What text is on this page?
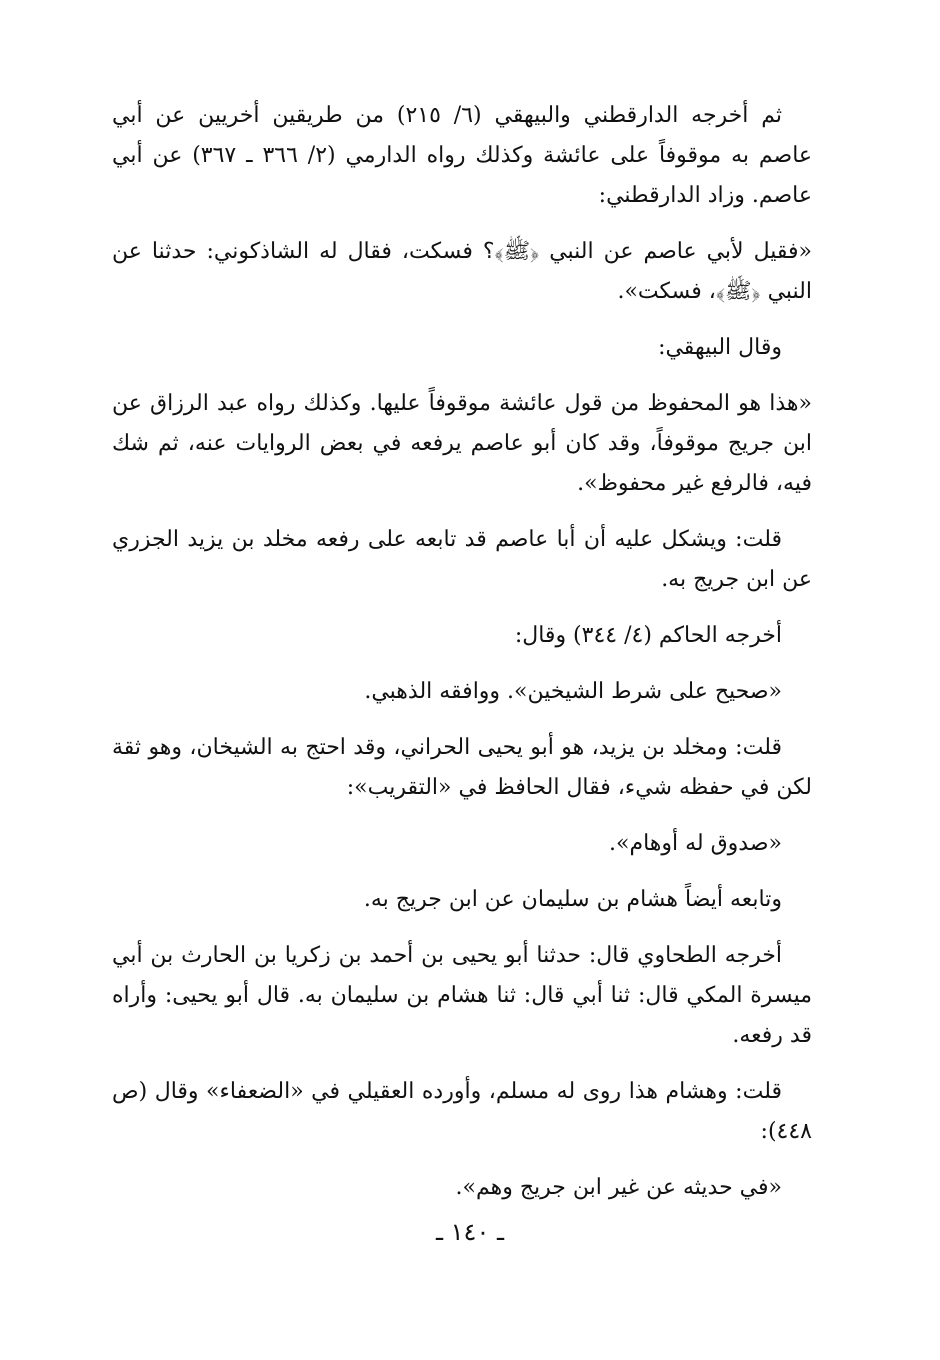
ثم أخرجه الدارقطني والبيهقي (٦/ ٢١٥) من طريقين أخريين عن أبي عاصم به موقوفاً على عائشة وكذلك رواه الدارمي (٢/ ٣٦٦ ـ ٣٦٧) عن أبي عاصم. وزاد الدارقطني:

«فقيل لأبي عاصم عن النبي ﴿ﷺ﴾؟ فسكت، فقال له الشاذكوني: حدثنا عن النبي ﴿ﷺ﴾، فسكت».

وقال البيهقي:

«هذا هو المحفوظ من قول عائشة موقوفاً عليها. وكذلك رواه عبد الرزاق عن ابن جريج موقوفاً، وقد كان أبو عاصم يرفعه في بعض الروايات عنه، ثم شك فيه، فالرفع غير محفوظ».

قلت: ويشكل عليه أن أبا عاصم قد تابعه على رفعه مخلد بن يزيد الجزري عن ابن جريج به.

أخرجه الحاكم (٤/ ٣٤٤) وقال:

«صحيح على شرط الشيخين». ووافقه الذهبي.

قلت: ومخلد بن يزيد، هو أبو يحيى الحراني، وقد احتج به الشيخان، وهو ثقة لكن في حفظه شيء، فقال الحافظ في «التقريب»:

«صدوق له أوهام».

وتابعه أيضاً هشام بن سليمان عن ابن جريج به.

أخرجه الطحاوي قال: حدثنا أبو يحيى بن أحمد بن زكريا بن الحارث بن أبي ميسرة المكي قال: ثنا أبي قال: ثنا هشام بن سليمان به. قال أبو يحيى: وأراه قد رفعه.

قلت: وهشام هذا روى له مسلم، وأورده العقيلي في «الضعفاء» وقال (ص ٤٤٨):

«في حديثه عن غير ابن جريج وهم».

ـ ١٤٠ ـ
